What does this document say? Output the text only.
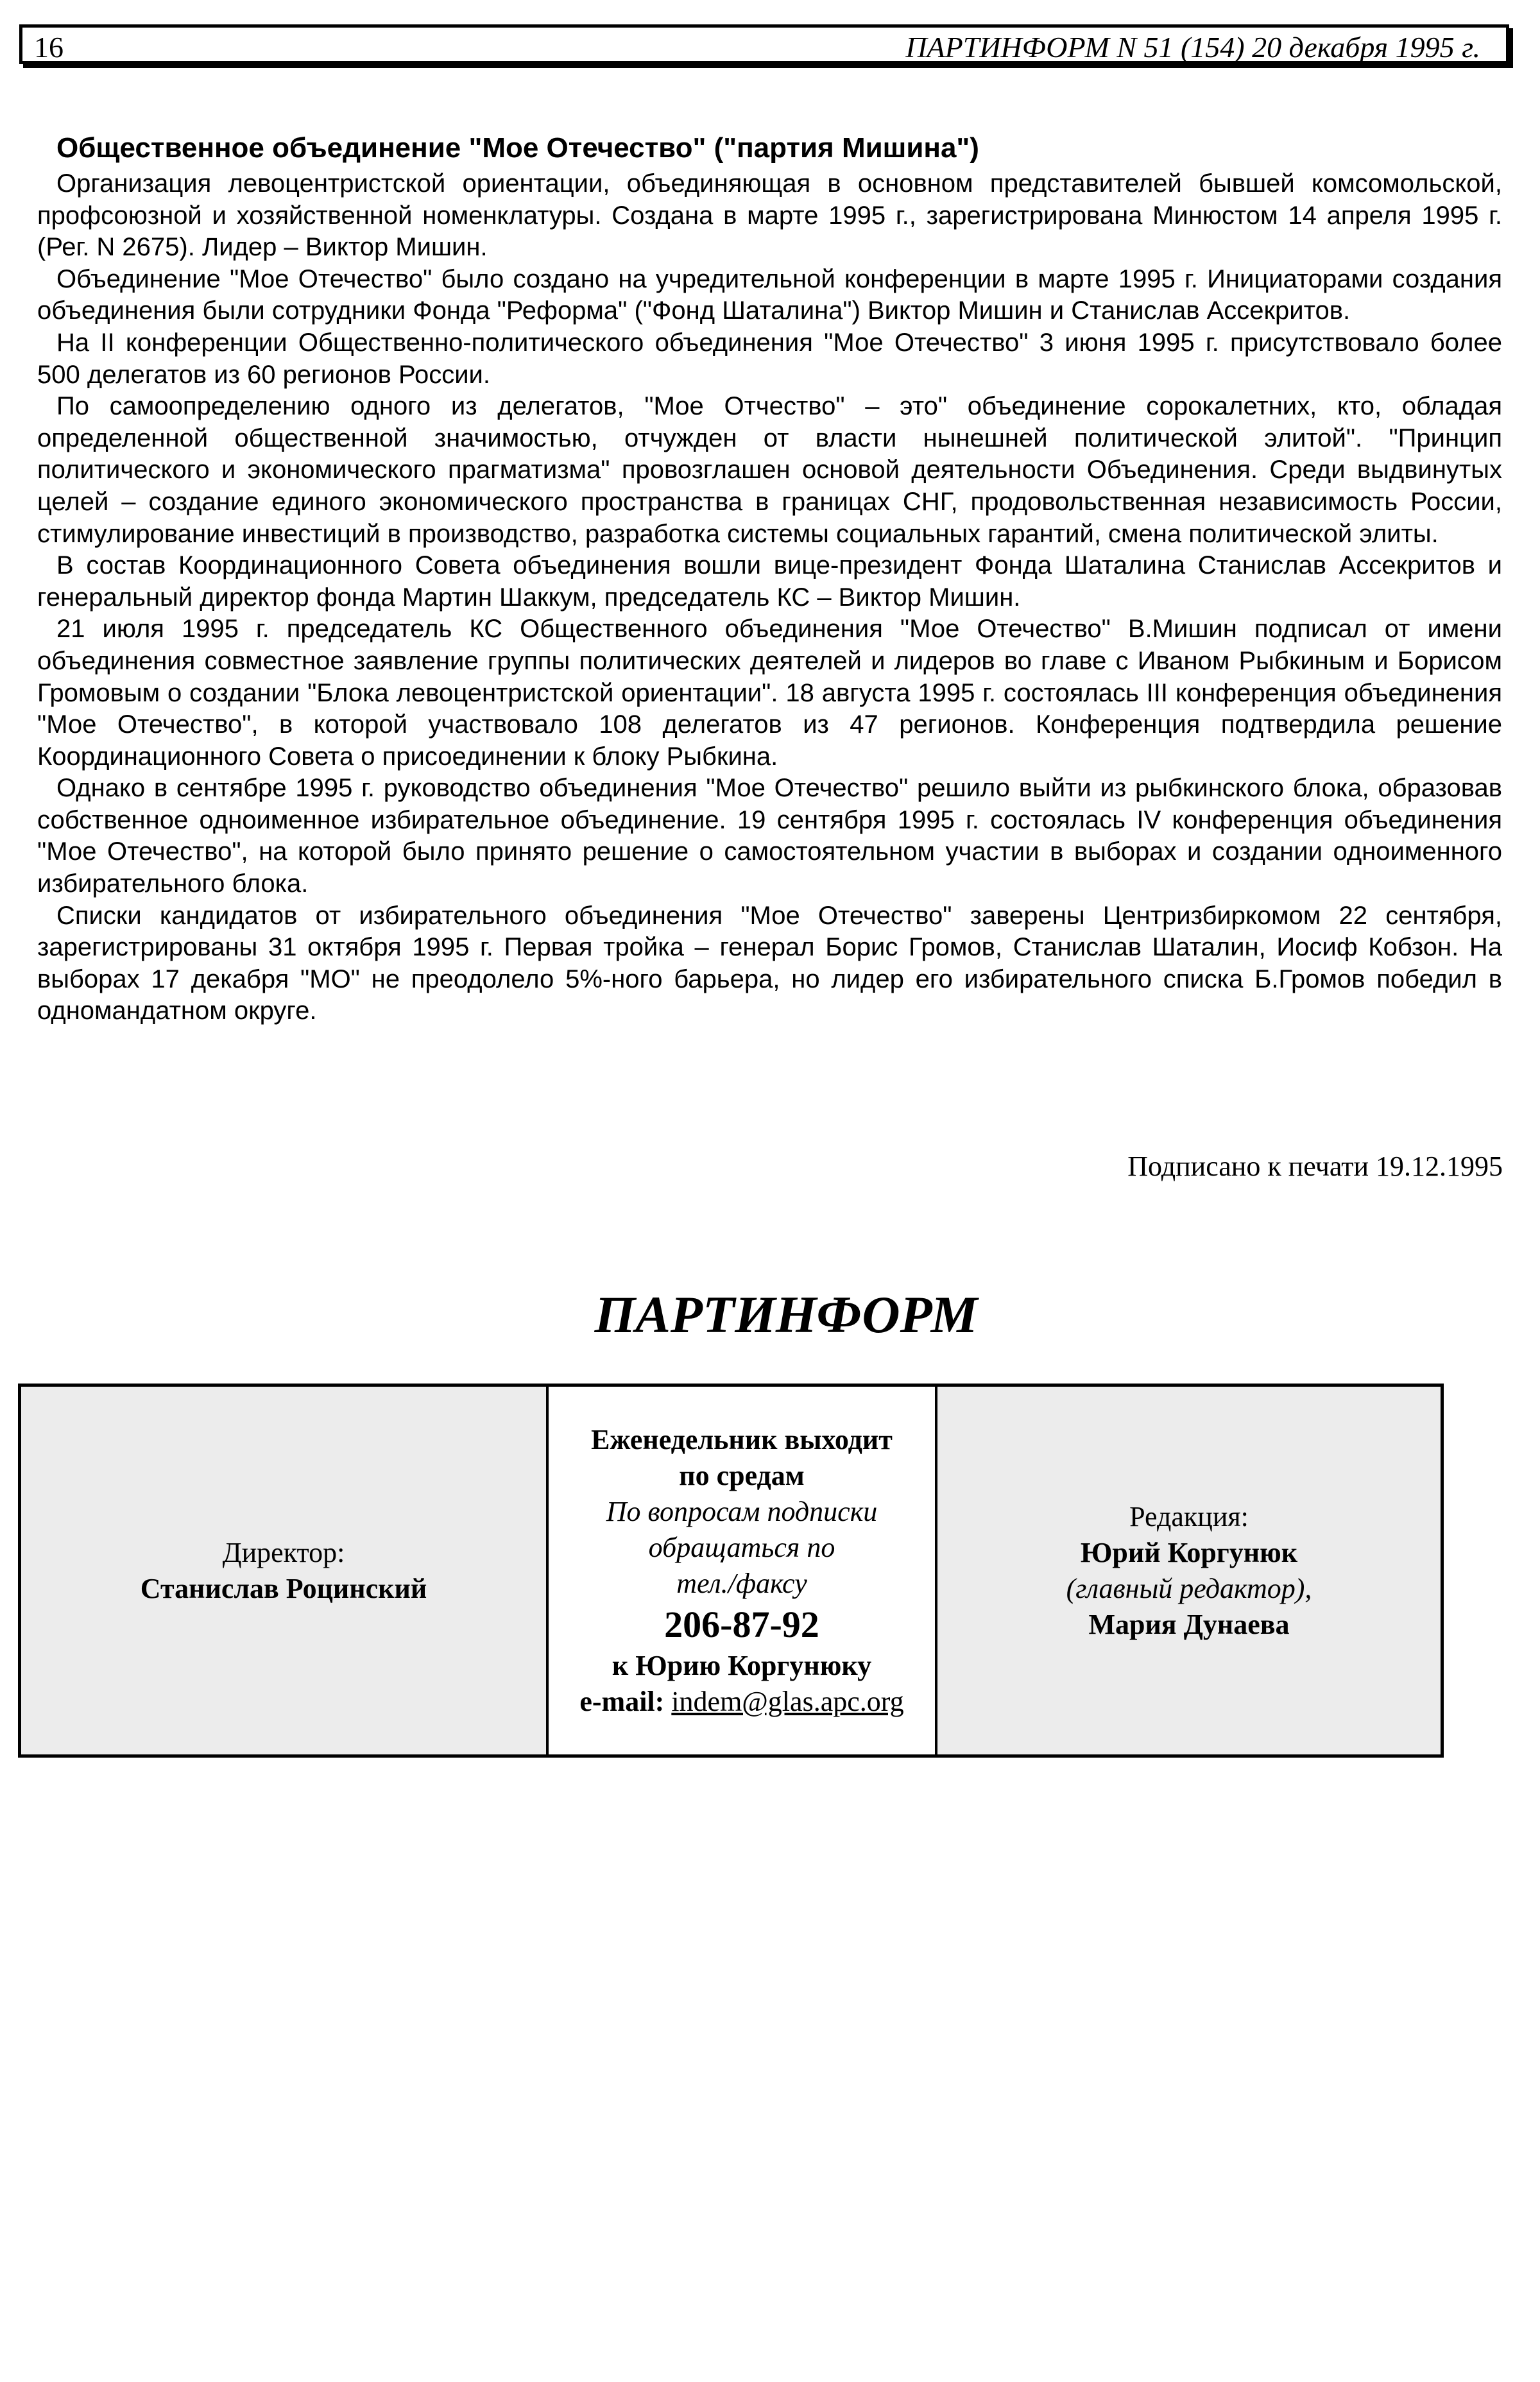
16	ПАРТИНФОРМ N 51 (154) 20 декабря 1995 г.
Общественное объединение "Мое Отечество" ("партия Мишина")

Организация левоцентристской ориентации, объединяющая в основном представителей бывшей комсомольской, профсоюзной и хозяйственной номенклатуры. Создана в марте 1995 г., зарегистрирована Минюстом 14 апреля 1995 г. (Рег. N 2675). Лидер – Виктор Мишин.

Объединение "Мое Отечество" было создано на учредительной конференции в марте 1995 г. Инициаторами создания объединения были сотрудники Фонда "Реформа" ("Фонд Шаталина") Виктор Мишин и Станислав Ассекритов.

На II конференции Общественно-политического объединения "Мое Отечество" 3 июня 1995 г. присутствовало более 500 делегатов из 60 регионов России.

По самоопределению одного из делегатов, "Мое Отчество" – это" объединение сорокалетних, кто, обладая определенной общественной значимостью, отчужден от власти нынешней политической элитой". "Принцип политического и экономического прагматизма" провозглашен основой деятельности Объединения. Среди выдвинутых целей – создание единого экономического пространства в границах СНГ, продовольственная независимость России, стимулирование инвестиций в производство, разработка системы социальных гарантий, смена политической элиты.

В состав Координационного Совета объединения вошли вице-президент Фонда Шаталина Станислав Ассекритов и генеральный директор фонда Мартин Шаккум, председатель КС – Виктор Мишин.

21 июля 1995 г. председатель КС Общественного объединения "Мое Отечество" В.Мишин подписал от имени объединения совместное заявление группы политических деятелей и лидеров во главе с Иваном Рыбкиным и Борисом Громовым о создании "Блока левоцентристской ориентации". 18 августа 1995 г. состоялась III конференция объединения "Мое Отечество", в которой участвовало 108 делегатов из 47 регионов. Конференция подтвердила решение Координационного Совета о присоединении к блоку Рыбкина.

Однако в сентябре 1995 г. руководство объединения "Мое Отечество" решило выйти из рыбкинского блока, образовав собственное одноименное избирательное объединение. 19 сентября 1995 г. состоялась IV конференция объединения "Мое Отечество", на которой было принято решение о самостоятельном участии в выборах и создании одноименного избирательного блока.

Списки кандидатов от избирательного объединения "Мое Отечество" заверены Центризбиркомом 22 сентября, зарегистрированы 31 октября 1995 г. Первая тройка – генерал Борис Громов, Станислав Шаталин, Иосиф Кобзон. На выборах 17 декабря "МО" не преодолело 5%-ного барьера, но лидер его избирательного списка Б.Громов победил в одномандатном округе.

Подписано к печати 19.12.1995
ПАРТИНФОРМ
Директор:
Станислав Роцинский
Еженедельник выходит
по средам
По вопросам подписки
обращаться по
тел./факсу
206-87-92
к Юрию Коргунюку
e-mail: indem@glas.apc.org
Редакция:
Юрий Коргунюк
(главный редактор),
Мария Дунаева
